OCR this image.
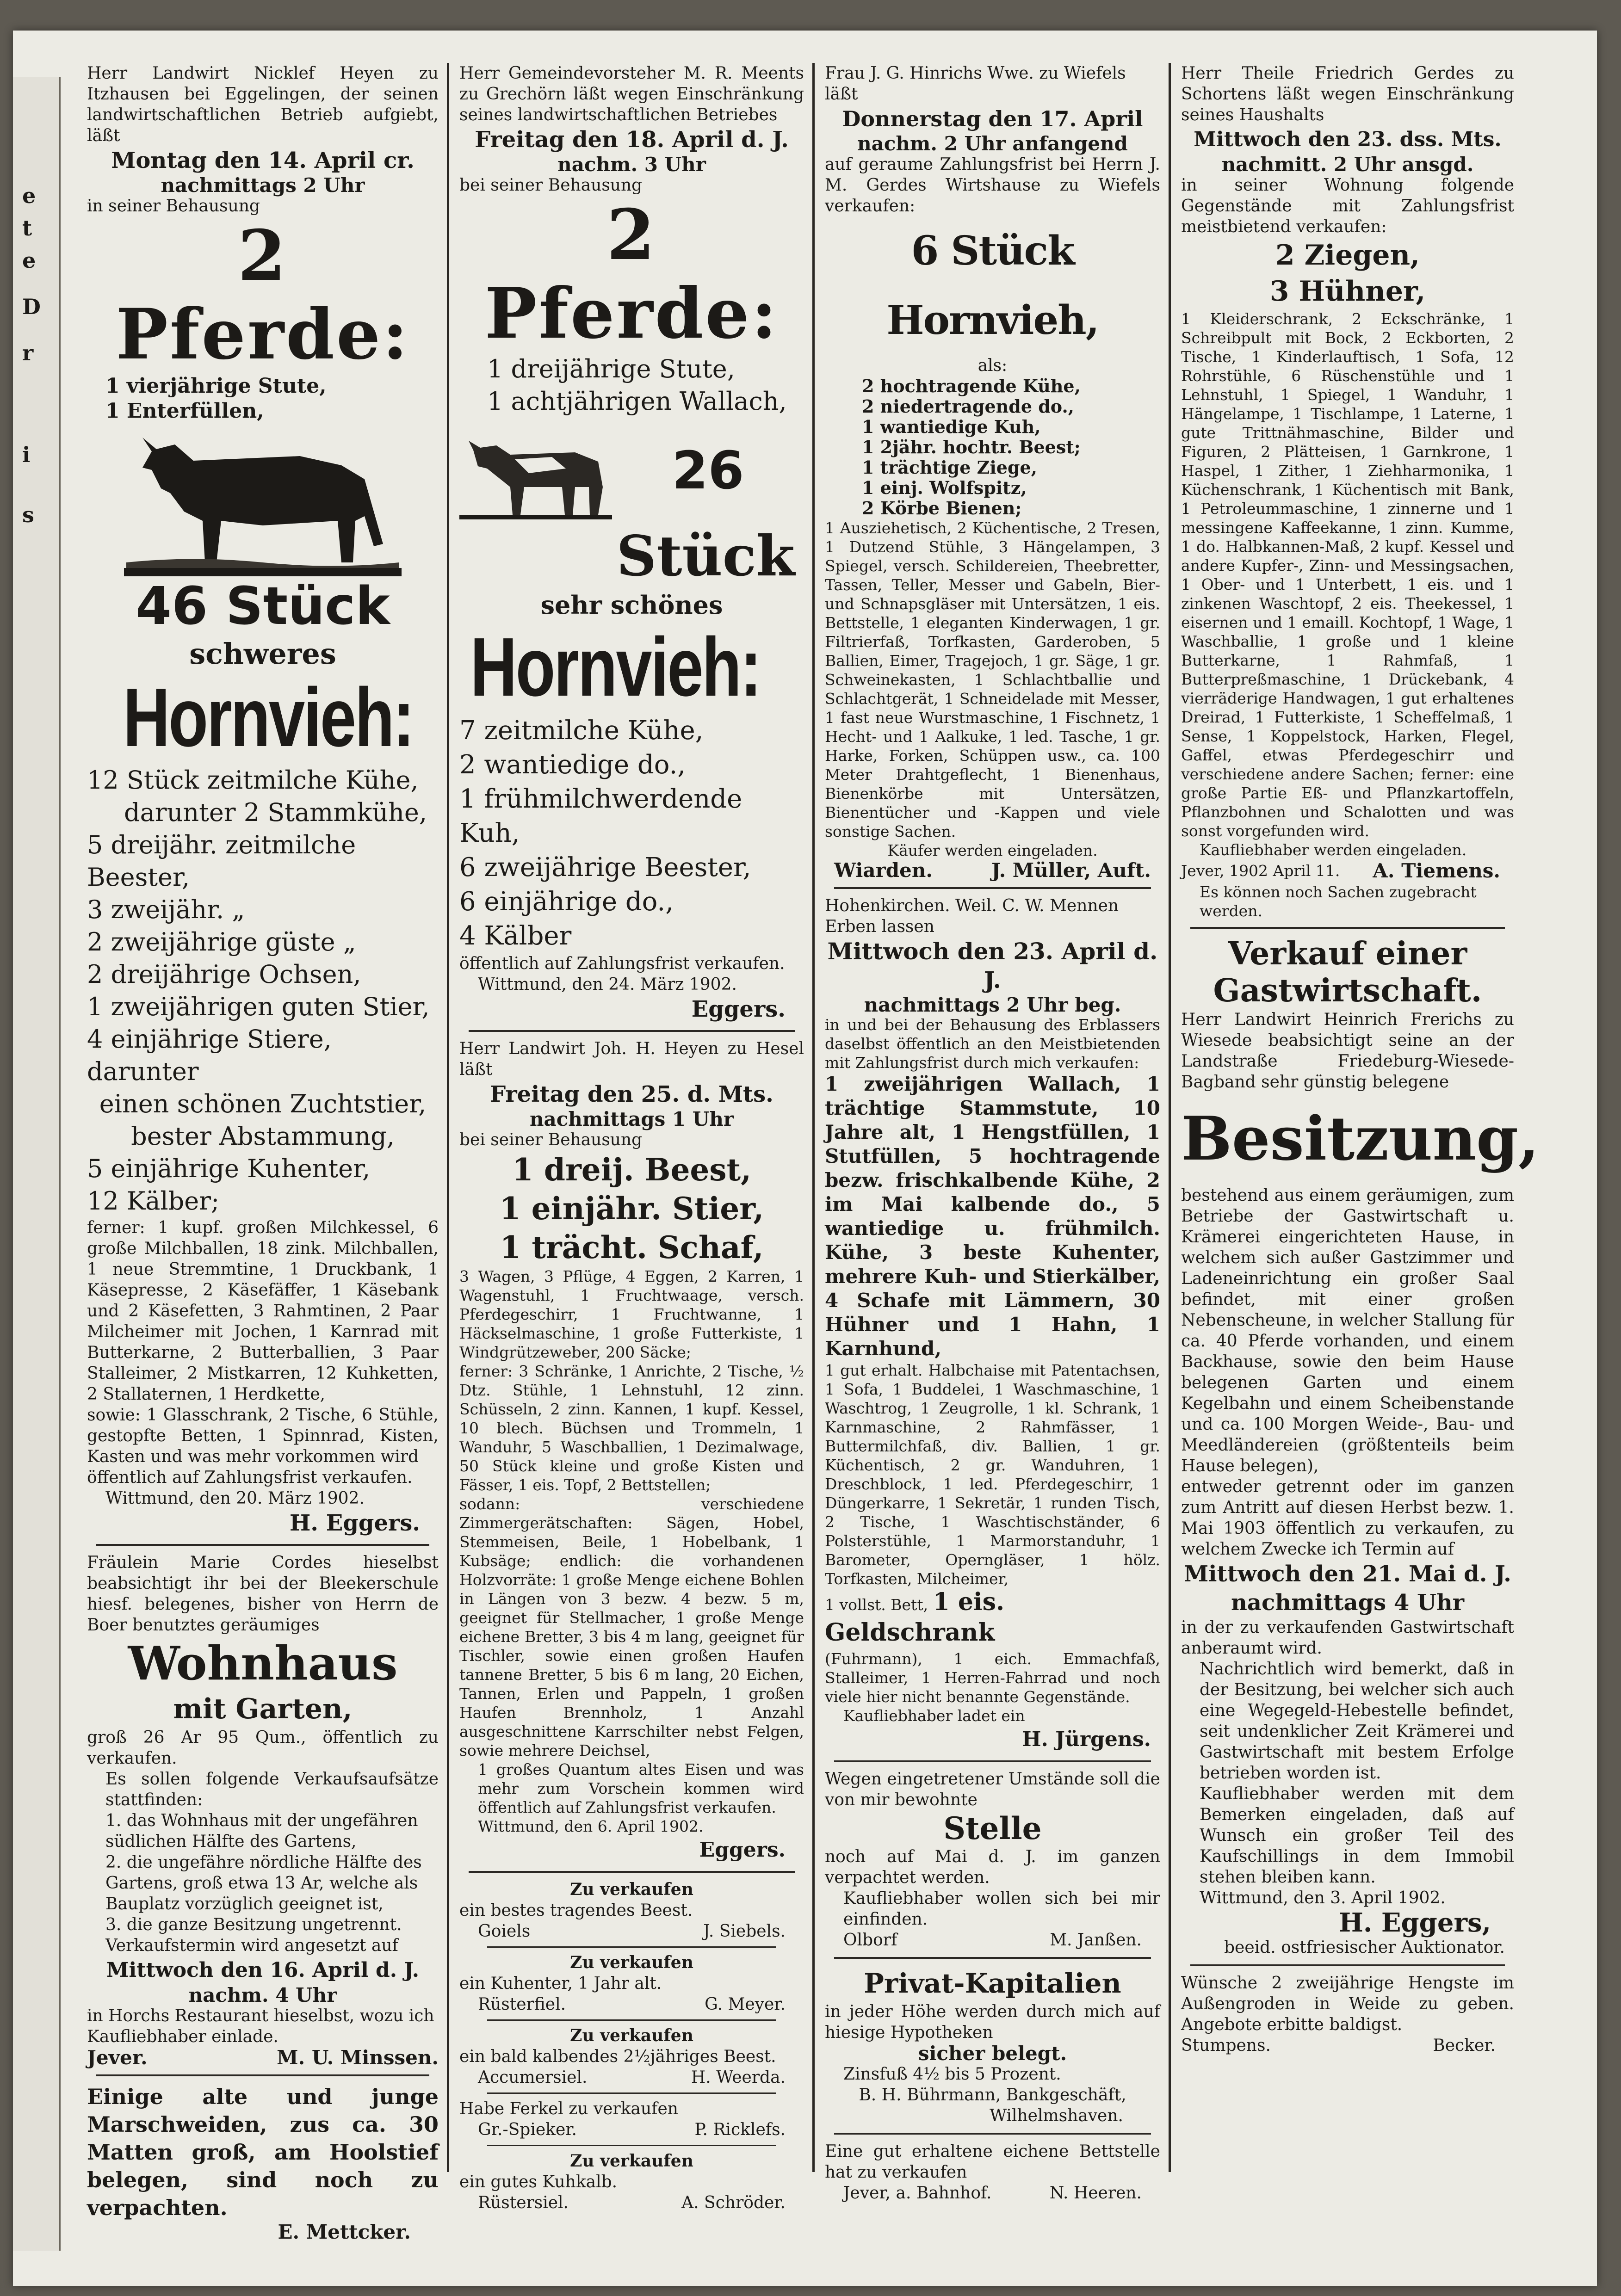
e
t
e
D
r
i
s

Herr Landwirt Nicklef Heyen zu Itzhausen bei Eggelingen, der seinen landwirtschaftlichen Betrieb aufgiebt, läßt

Montag den 14. April cr.

nachmittags 2 Uhr

in seiner Behausung

2 Pferde:

1 vierjährige Stute,

1 Enterfüllen,

46 Stück

schweres

Hornvieh:

12 Stück zeitmilche Kühe,

darunter 2 Stammkühe,

5 dreijähr. zeitmilche Beester,

3 zweijähr. „

2 zweijährige güste „

2 dreijährige Ochsen,

1 zweijährigen guten Stier,

4 einjährige Stiere, darunter

einen schönen Zuchtstier,

bester Abstammung,

5 einjährige Kuhenter,

12 Kälber;

ferner: 1 kupf. großen Milchkessel, 6 große Milchballen, 18 zink. Milchballen, 1 neue Stremmtine, 1 Druckbank, 1 Käsepresse, 2 Käsefäffer, 1 Käsebank und 2 Käsefetten, 3 Rahmtinen, 2 Paar Milcheimer mit Jochen, 1 Karnrad mit Butterkarne, 2 Butterballien, 3 Paar Stalleimer, 2 Mistkarren, 12 Kuhketten, 2 Stallaternen, 1 Herdkette,

sowie: 1 Glasschrank, 2 Tische, 6 Stühle, gestopfte Betten, 1 Spinnrad, Kisten, Kasten und was mehr vorkommen wird

öffentlich auf Zahlungsfrist verkaufen.

Wittmund, den 20. März 1902.

H. Eggers.

Fräulein Marie Cordes hieselbst beabsichtigt ihr bei der Bleekerschule hiesf. belegenes, bisher von Herrn de Boer benutztes geräumiges

Wohnhaus

mit Garten,

groß 26 Ar 95 Qum., öffentlich zu verkaufen.

Es sollen folgende Verkaufsaufsätze stattfinden:

1. das Wohnhaus mit der ungefähren südlichen Hälfte des Gartens,

2. die ungefähre nördliche Hälfte des Gartens, groß etwa 13 Ar, welche als Bauplatz vorzüglich geeignet ist,

3. die ganze Besitzung ungetrennt.

Verkaufstermin wird angesetzt auf

Mittwoch den 16. April d. J.

nachm. 4 Uhr

in Horchs Restaurant hieselbst, wozu ich Kaufliebhaber einlade.

Jever.	M. U. Minssen.

Einige alte und junge Marschweiden, zus ca. 30 Matten groß, am Hoolstief belegen, sind noch zu verpachten.

E. Mettcker.

Herr Gemeindevorsteher M. R. Meents zu Grechörn läßt wegen Einschränkung seines landwirtschaftlichen Betriebes

Freitag den 18. April d. J.

nachm. 3 Uhr

bei seiner Behausung

2 Pferde:

1 dreijährige Stute,

1 achtjährigen Wallach,

26

Stück

sehr schönes

Hornvieh:

7 zeitmilche Kühe,

2 wantiedige do.,

1 frühmilchwerdende Kuh,

6 zweijährige Beester,

6 einjährige do.,

4 Kälber

öffentlich auf Zahlungsfrist verkaufen.

Wittmund, den 24. März 1902.

Eggers.

Herr Landwirt Joh. H. Heyen zu Hesel läßt

Freitag den 25. d. Mts.

nachmittags 1 Uhr

bei seiner Behausung

1 dreij. Beest,

1 einjähr. Stier,

1 trächt. Schaf,

3 Wagen, 3 Pflüge, 4 Eggen, 2 Karren, 1 Wagenstuhl, 1 Fruchtwaage, versch. Pferdegeschirr, 1 Fruchtwanne, 1 Häckselmaschine, 1 große Futterkiste, 1 Windgrützeweber, 200 Säcke;

ferner: 3 Schränke, 1 Anrichte, 2 Tische, ½ Dtz. Stühle, 1 Lehnstuhl, 12 zinn. Schüsseln, 2 zinn. Kannen, 1 kupf. Kessel, 10 blech. Büchsen und Trommeln, 1 Wanduhr, 5 Waschballien, 1 Dezimalwage, 50 Stück kleine und große Kisten und Fässer, 1 eis. Topf, 2 Bettstellen;

sodann: verschiedene Zimmergerätschaften: Sägen, Hobel, Stemmeisen, Beile, 1 Hobelbank, 1 Kubsäge; endlich: die vorhandenen Holzvorräte: 1 große Menge eichene Bohlen in Längen von 3 bezw. 4 bezw. 5 m, geeignet für Stellmacher, 1 große Menge eichene Bretter, 3 bis 4 m lang, geeignet für Tischler, sowie einen großen Haufen tannene Bretter, 5 bis 6 m lang, 20 Eichen, Tannen, Erlen und Pappeln, 1 großen Haufen Brennholz, 1 Anzahl ausgeschnittene Karrschilter nebst Felgen, sowie mehrere Deichsel,

1 großes Quantum altes Eisen und was mehr zum Vorschein kommen wird öffentlich auf Zahlungsfrist verkaufen.

Wittmund, den 6. April 1902.

Eggers.

Zu verkaufen

ein bestes tragendes Beest.

Goiels	J. Siebels.

Zu verkaufen

ein Kuhenter, 1 Jahr alt.

Rüsterfiel.	G. Meyer.

Zu verkaufen

ein bald kalbendes 2½jähriges Beest.

Accumersiel.	H. Weerda.

Habe Ferkel zu verkaufen

Gr.-Spieker.	P. Ricklefs.

Zu verkaufen

ein gutes Kuhkalb.

Rüstersiel.	A. Schröder.

Frau J. G. Hinrichs Wwe. zu Wiefels läßt

Donnerstag den 17. April

nachm. 2 Uhr anfangend

auf geraume Zahlungsfrist bei Herrn J. M. Gerdes Wirtshause zu Wiefels verkaufen:

6 Stück Hornvieh,

als:

2 hochtragende Kühe,

2 niedertragende do.,

1 wantiedige Kuh,

1 2jähr. hochtr. Beest;

1 trächtige Ziege,

1 einj. Wolfspitz,

2 Körbe Bienen;

1 Ausziehetisch, 2 Küchentische, 2 Tresen, 1 Dutzend Stühle, 3 Hängelampen, 3 Spiegel, versch. Schildereien, Theebretter, Tassen, Teller, Messer und Gabeln, Bier- und Schnapsgläser mit Untersätzen, 1 eis. Bettstelle, 1 eleganten Kinderwagen, 1 gr. Filtrierfaß, Torfkasten, Garderoben, 5 Ballien, Eimer, Tragejoch, 1 gr. Säge, 1 gr. Schweinekasten, 1 Schlachtballie und Schlachtgerät, 1 Schneidelade mit Messer, 1 fast neue Wurstmaschine, 1 Fischnetz, 1 Hecht- und 1 Aalkuke, 1 led. Tasche, 1 gr. Harke, Forken, Schüppen usw., ca. 100 Meter Drahtgeflecht, 1 Bienenhaus, Bienenkörbe mit Untersätzen, Bienentücher und -Kappen und viele sonstige Sachen.

Käufer werden eingeladen.

Wiarden.	J. Müller, Auft.

Hohenkirchen. Weil. C. W. Mennen Erben lassen

Mittwoch den 23. April d. J.

nachmittags 2 Uhr beg.

in und bei der Behausung des Erblassers daselbst öffentlich an den Meistbietenden mit Zahlungsfrist durch mich verkaufen:

1 zweijährigen Wallach, 1 trächtige Stammstute, 10 Jahre alt, 1 Hengstfüllen, 1 Stutfüllen, 5 hochtragende bezw. frischkalbende Kühe, 2 im Mai kalbende do., 5 wantiedige u. frühmilch. Kühe, 3 beste Kuhenter, mehrere Kuh- und Stierkälber, 4 Schafe mit Lämmern, 30 Hühner und 1 Hahn, 1 Karnhund,

1 gut erhalt. Halbchaise mit Patentachsen, 1 Sofa, 1 Buddelei, 1 Waschmaschine, 1 Waschtrog, 1 Zeugrolle, 1 kl. Schrank, 1 Karnmaschine, 2 Rahmfässer, 1 Buttermilchfaß, div. Ballien, 1 gr. Küchentisch, 2 gr. Wanduhren, 1 Dreschblock, 1 led. Pferdegeschirr, 1 Düngerkarre, 1 Sekretär, 1 runden Tisch, 2 Tische, 1 Waschtischständer, 6 Polsterstühle, 1 Marmorstanduhr, 1 Barometer, Operngläser, 1 hölz. Torfkasten, Milcheimer,

1 vollst. Bett, 1 eis. Geldschrank

(Fuhrmann), 1 eich. Emmachfaß, Stalleimer, 1 Herren-Fahrrad und noch viele hier nicht benannte Gegenstände.

Kaufliebhaber ladet ein

H. Jürgens.

Wegen eingetretener Umstände soll die von mir bewohnte

Stelle

noch auf Mai d. J. im ganzen verpachtet werden.

Kaufliebhaber wollen sich bei mir einfinden.

Olborf	M. Janßen.

Privat-Kapitalien

in jeder Höhe werden durch mich auf hiesige Hypotheken

sicher belegt.

Zinsfuß 4½ bis 5 Prozent.

B. H. Bührmann, Bankgeschäft,

Wilhelmshaven.

Eine gut erhaltene eichene Bettstelle hat zu verkaufen

Jever, a. Bahnhof.	N. Heeren.

Herr Theile Friedrich Gerdes zu Schortens läßt wegen Einschränkung seines Haushalts

Mittwoch den 23. dss. Mts.

nachmitt. 2 Uhr ansgd.

in seiner Wohnung folgende Gegenstände mit Zahlungsfrist meistbietend verkaufen:

2 Ziegen,

3 Hühner,

1 Kleiderschrank, 2 Eckschränke, 1 Schreibpult mit Bock, 2 Eckborten, 2 Tische, 1 Kinderlauftisch, 1 Sofa, 12 Rohrstühle, 6 Rüschenstühle und 1 Lehnstuhl, 1 Spiegel, 1 Wanduhr, 1 Hängelampe, 1 Tischlampe, 1 Laterne, 1 gute Trittnähmaschine, Bilder und Figuren, 2 Plätteisen, 1 Garnkrone, 1 Haspel, 1 Zither, 1 Ziehharmonika, 1 Küchenschrank, 1 Küchentisch mit Bank, 1 Petroleummaschine, 1 zinnerne und 1 messingene Kaffeekanne, 1 zinn. Kumme, 1 do. Halbkannen-Maß, 2 kupf. Kessel und andere Kupfer-, Zinn- und Messingsachen, 1 Ober- und 1 Unterbett, 1 eis. und 1 zinkenen Waschtopf, 2 eis. Theekessel, 1 eisernen und 1 emaill. Kochtopf, 1 Wage, 1 Waschballie, 1 große und 1 kleine Butterkarne, 1 Rahmfaß, 1 Butterpreßmaschine, 1 Drückebank, 4 vierräderige Handwagen, 1 gut erhaltenes Dreirad, 1 Futterkiste, 1 Scheffelmaß, 1 Sense, 1 Koppelstock, Harken, Flegel, Gaffel, etwas Pferdegeschirr und verschiedene andere Sachen; ferner: eine große Partie Eß- und Pflanzkartoffeln, Pflanzbohnen und Schalotten und was sonst vorgefunden wird.

Kaufliebhaber werden eingeladen.

Jever, 1902 April 11. A. Tiemens.

Es können noch Sachen zugebracht werden.

Verkauf einer

Gastwirtschaft.

Herr Landwirt Heinrich Frerichs zu Wiesede beabsichtigt seine an der Landstraße Friedeburg-Wiesede-Bagband sehr günstig belegene

Besitzung,

bestehend aus einem geräumigen, zum Betriebe der Gastwirtschaft u. Krämerei eingerichteten Hause, in welchem sich außer Gastzimmer und Ladeneinrichtung ein großer Saal befindet, mit einer großen Nebenscheune, in welcher Stallung für ca. 40 Pferde vorhanden, und einem Backhause, sowie den beim Hause belegenen Garten und einem Kegelbahn und einem Scheibenstande und ca. 100 Morgen Weide-, Bau- und Meedländereien (größtenteils beim Hause belegen),

entweder getrennt oder im ganzen zum Antritt auf diesen Herbst bezw. 1. Mai 1903 öffentlich zu verkaufen, zu welchem Zwecke ich Termin auf

Mittwoch den 21. Mai d. J.

nachmittags 4 Uhr

in der zu verkaufenden Gastwirtschaft anberaumt wird.

Nachrichtlich wird bemerkt, daß in der Besitzung, bei welcher sich auch eine Wegegeld-Hebestelle befindet, seit undenklicher Zeit Krämerei und Gastwirtschaft mit bestem Erfolge betrieben worden ist.

Kaufliebhaber werden mit dem Bemerken eingeladen, daß auf Wunsch ein großer Teil des Kaufschillings in dem Immobil stehen bleiben kann.

Wittmund, den 3. April 1902.

H. Eggers,

beeid. ostfriesischer Auktionator.

Wünsche 2 zweijährige Hengste im Außengroden in Weide zu geben. Angebote erbitte baldigst.

Stumpens.	Becker.
